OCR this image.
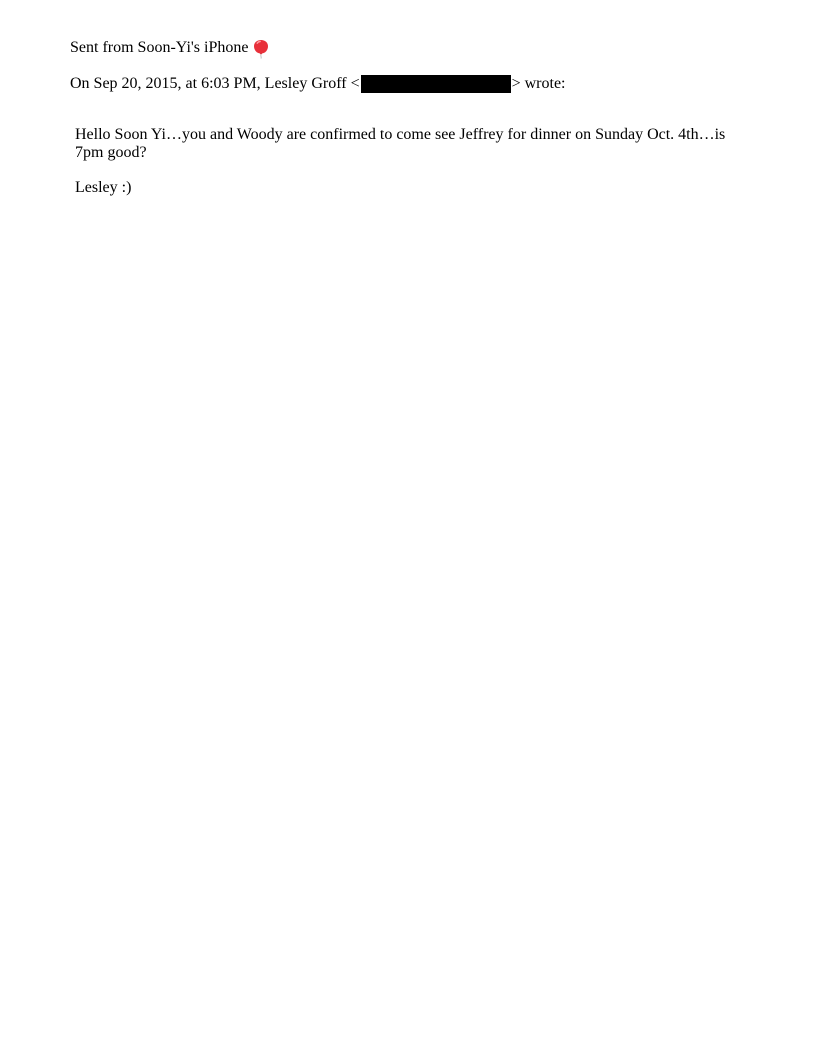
Sent from Soon-Yi's iPhone
On Sep 20, 2015, at 6:03 PM, Lesley Groff <	> wrote:

Hello Soon Yi…you and Woody are confirmed to come see Jeffrey for dinner on Sunday Oct. 4th…is 7pm good?

Lesley :)
